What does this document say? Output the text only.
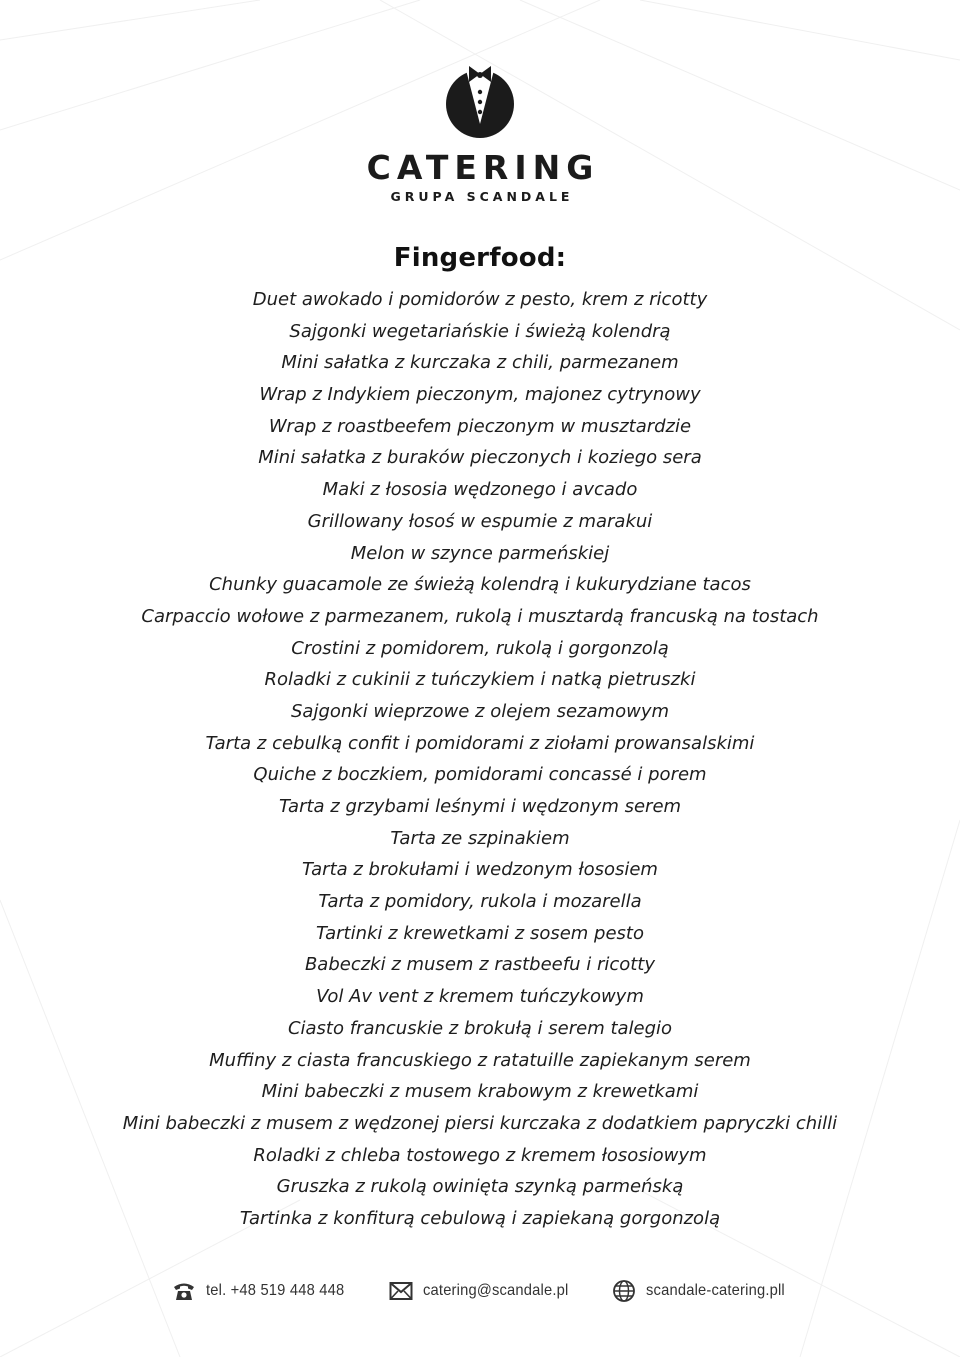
CATERING
GRUPA SCANDALE
Fingerfood:
Duet awokado i pomidorów z pesto, krem z ricotty
Sajgonki wegetariańskie i świeżą kolendrą
Mini sałatka z kurczaka z chili, parmezanem
Wrap z Indykiem pieczonym, majonez cytrynowy
Wrap z roastbeefem pieczonym w musztardzie
Mini sałatka z buraków pieczonych i koziego sera
Maki z łososia wędzonego i avcado
Grillowany łosoś w espumie z marakui
Melon w szynce parmeńskiej
Chunky guacamole ze świeżą kolendrą i kukurydziane tacos
Carpaccio wołowe z parmezanem, rukolą i musztardą francuską na tostach
Crostini z pomidorem, rukolą i gorgonzolą
Roladki z cukinii z tuńczykiem i natką pietruszki
Sajgonki wieprzowe z olejem sezamowym
Tarta z cebulką confit i pomidorami z ziołami prowansalskimi
Quiche z boczkiem, pomidorami concassé i porem
Tarta z grzybami leśnymi i wędzonym serem
Tarta ze szpinakiem
Tarta z brokułami i wedzonym łososiem
Tarta z pomidory, rukola i mozarella
Tartinki z krewetkami z sosem pesto
Babeczki z musem z rastbeefu i ricotty
Vol Av vent z kremem tuńczykowym
Ciasto francuskie z brokułą i serem talegio
Muffiny z ciasta francuskiego z ratatuille zapiekanym serem
Mini babeczki z musem krabowym z krewetkami
Mini babeczki z musem z wędzonej piersi kurczaka z dodatkiem papryczki chilli
Roladki z chleba tostowego z kremem łososiowym
Gruszka z rukolą owinięta szynką parmeńską
Tartinka z konfiturą cebulową i zapiekaną gorgonzolą
tel. +48 519 448 448	catering@scandale.pl	scandale-catering.pll
